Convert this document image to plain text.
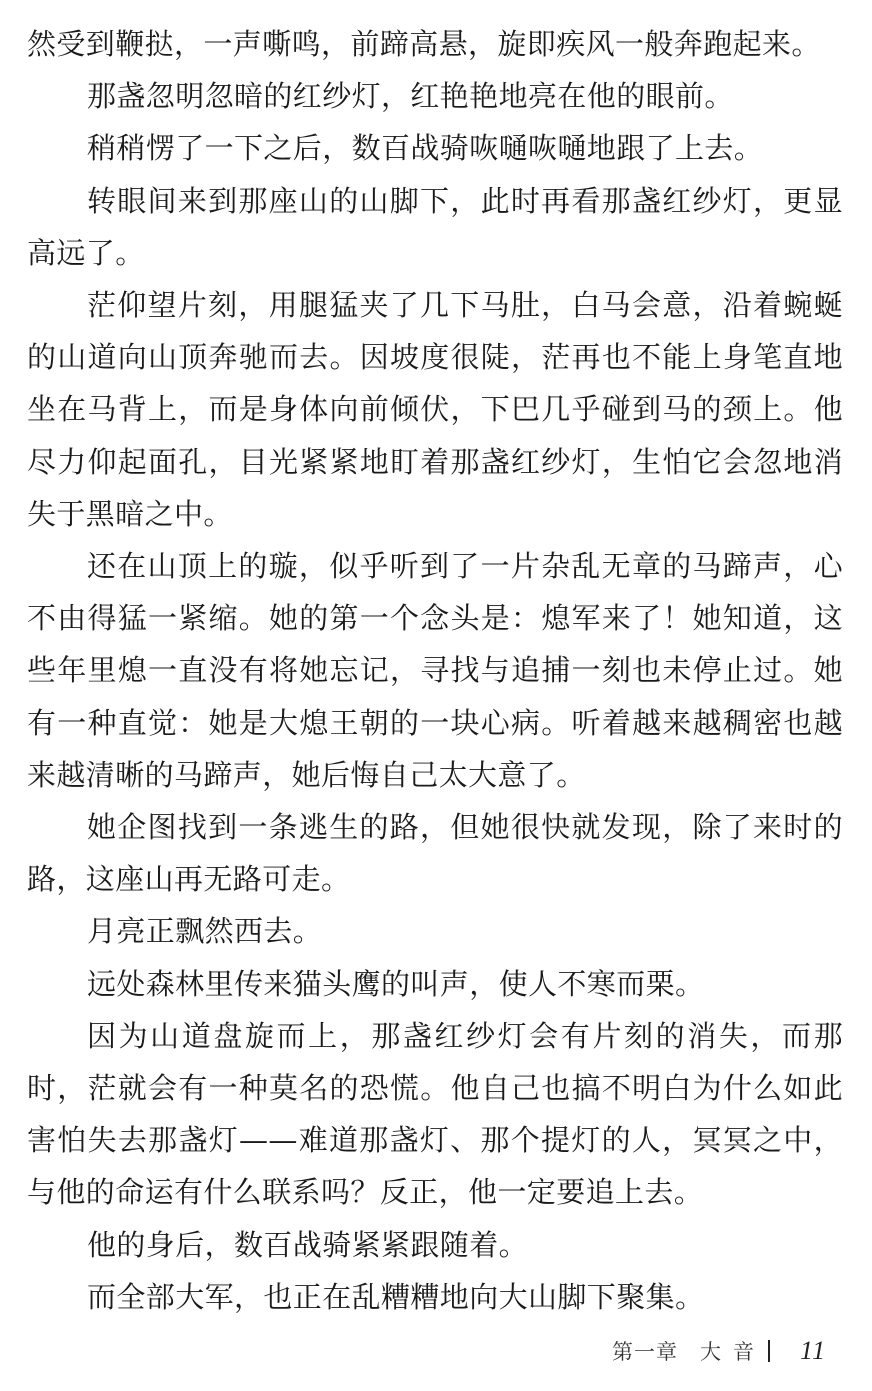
然受到鞭挞，一声嘶鸣，前蹄高悬，旋即疾风一般奔跑起来。

那盏忽明忽暗的红纱灯，红艳艳地亮在他的眼前。

稍稍愣了一下之后，数百战骑咴嗵咴嗵地跟了上去。

转眼间来到那座山的山脚下，此时再看那盏红纱灯，更显高远了。

茫仰望片刻，用腿猛夹了几下马肚，白马会意，沿着蜿蜒的山道向山顶奔驰而去。因坡度很陡，茫再也不能上身笔直地坐在马背上，而是身体向前倾伏，下巴几乎碰到马的颈上。他尽力仰起面孔，目光紧紧地盯着那盏红纱灯，生怕它会忽地消失于黑暗之中。

还在山顶上的璇，似乎听到了一片杂乱无章的马蹄声，心不由得猛一紧缩。她的第一个念头是：熄军来了！她知道，这些年里熄一直没有将她忘记，寻找与追捕一刻也未停止过。她有一种直觉：她是大熄王朝的一块心病。听着越来越稠密也越来越清晰的马蹄声，她后悔自己太大意了。

她企图找到一条逃生的路，但她很快就发现，除了来时的路，这座山再无路可走。

月亮正飘然西去。

远处森林里传来猫头鹰的叫声，使人不寒而栗。

因为山道盘旋而上，那盏红纱灯会有片刻的消失，而那时，茫就会有一种莫名的恐慌。他自己也搞不明白为什么如此害怕失去那盏灯——难道那盏灯、那个提灯的人，冥冥之中，与他的命运有什么联系吗？反正，他一定要追上去。

他的身后，数百战骑紧紧跟随着。

而全部大军，也正在乱糟糟地向大山脚下聚集。

第一章 大音 11
